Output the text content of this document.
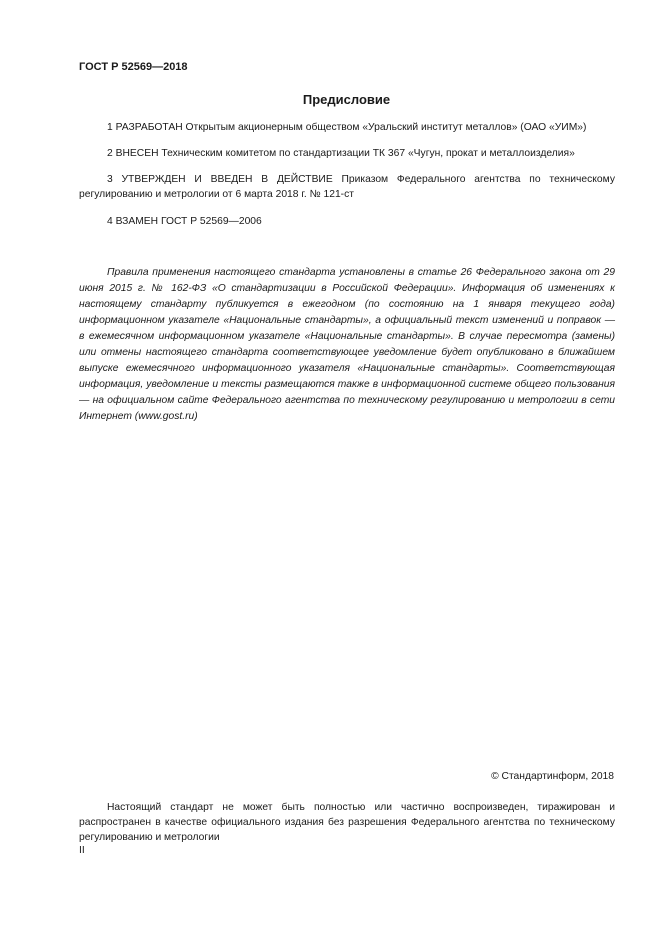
ГОСТ Р 52569—2018
Предисловие
1 РАЗРАБОТАН Открытым акционерным обществом «Уральский институт металлов» (ОАО «УИМ»)
2 ВНЕСЕН Техническим комитетом по стандартизации ТК 367 «Чугун, прокат и металлоизделия»
3 УТВЕРЖДЕН И ВВЕДЕН В ДЕЙСТВИЕ Приказом Федерального агентства по техническому регулированию и метрологии от 6 марта 2018 г. № 121-ст
4 ВЗАМЕН ГОСТ Р 52569—2006
Правила применения настоящего стандарта установлены в статье 26 Федерального закона от 29 июня 2015 г. № 162-ФЗ «О стандартизации в Российской Федерации». Информация об изменениях к настоящему стандарту публикуется в ежегодном (по состоянию на 1 января текущего года) информационном указателе «Национальные стандарты», а официальный текст изменений и поправок — в ежемесячном информационном указателе «Национальные стандарты». В случае пересмотра (замены) или отмены настоящего стандарта соответствующее уведомление будет опубликовано в ближайшем выпуске ежемесячного информационного указателя «Национальные стандарты». Соответствующая информация, уведомление и тексты размещаются также в информационной системе общего пользования — на официальном сайте Федерального агентства по техническому регулированию и метрологии в сети Интернет (www.gost.ru)
© Стандартинформ, 2018
Настоящий стандарт не может быть полностью или частично воспроизведен, тиражирован и распространен в качестве официального издания без разрешения Федерального агентства по техническому регулированию и метрологии
II
